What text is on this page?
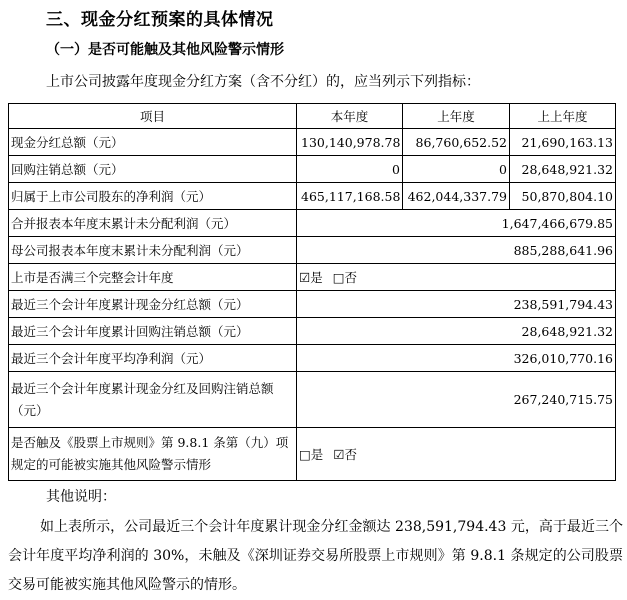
三、现金分红预案的具体情况
（一）是否可能触及其他风险警示情形
上市公司披露年度现金分红方案（含不分红）的，应当列示下列指标：
项目	本年度	上年度	上上年度
现金分红总额（元）	130,140,978.78	86,760,652.52	21,690,163.13
回购注销总额（元）	0	0	28,648,921.32
归属于上市公司股东的净利润（元）	465,117,168.58	462,044,337.79	50,870,804.10
合并报表本年度末累计未分配利润（元）	1,647,466,679.85		
母公司报表本年度末累计未分配利润（元）	885,288,641.96		
上市是否满三个完整会计年度	☑是 □否		
最近三个会计年度累计现金分红总额（元）	238,591,794.43		
最近三个会计年度累计回购注销总额（元）	28,648,921.32		
最近三个会计年度平均净利润（元）	326,010,770.16		
最近三个会计年度累计现金分红及回购注销总额（元）	267,240,715.75		
是否触及《股票上市规则》第 9.8.1 条第（九）项规定的可能被实施其他风险警示情形	□是 ☑否		
其他说明：
如上表所示，公司最近三个会计年度累计现金分红金额达 238,591,794.43 元，高于最近三个会计年度平均净利润的 30%，未触及《深圳证券交易所股票上市规则》第 9.8.1 条规定的公司股票交易可能被实施其他风险警示的情形。
